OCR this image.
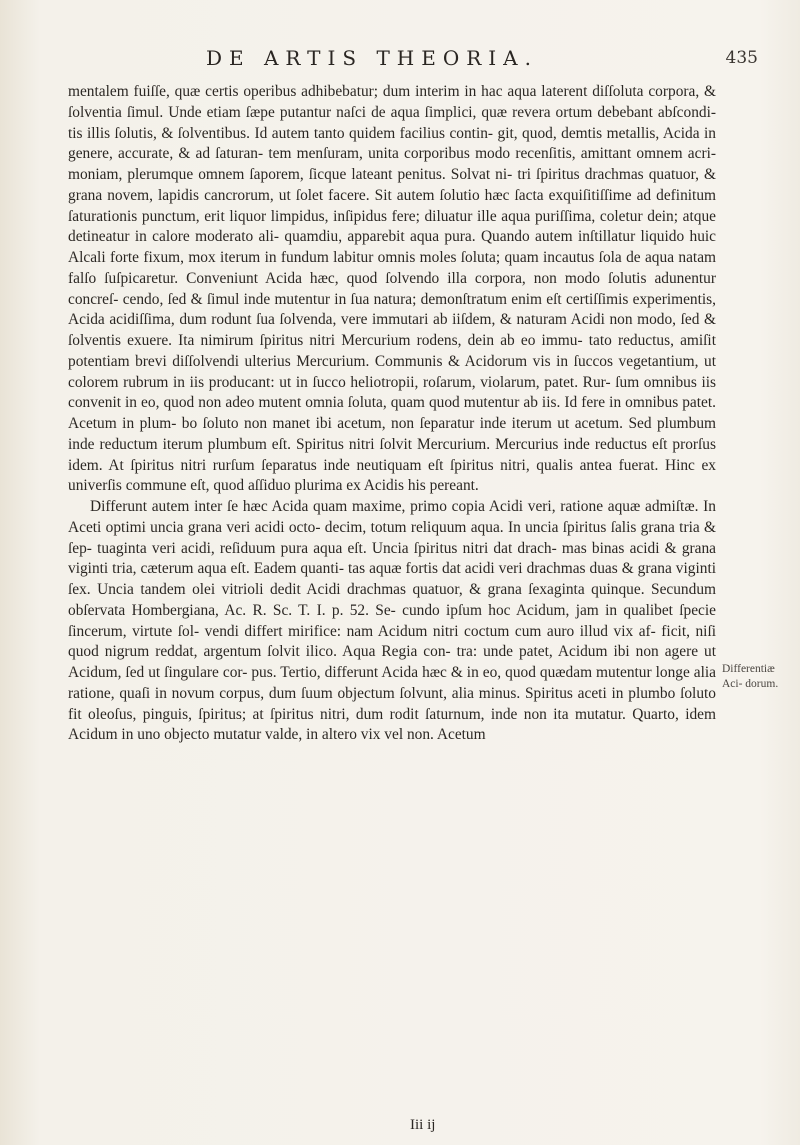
DE ARTIS THEORIA.	435

mentalem fuiſſe, quæ certis operibus adhibebatur; dum interim in hac aqua laterent diſſoluta corpora, & ſolventia ſimul. Unde etiam ſæpe putantur naſci de aqua ſimplici, quæ revera ortum debebant abſcondi- tis illis ſolutis, & ſolventibus. Id autem tanto quidem facilius contin- git, quod, demtis metallis, Acida in genere, accurate, & ad ſaturan- tem menſuram, unita corporibus modo recenſitis, amittant omnem acri- moniam, plerumque omnem ſaporem, ſicque lateant penitus. Solvat ni- tri ſpiritus drachmas quatuor, & grana novem, lapidis cancrorum, ut ſolet facere. Sit autem ſolutio hæc ſacta exquiſitiſſime ad definitum ſaturationis punctum, erit liquor limpidus, inſipidus fere; diluatur ille aqua puriſſima, coletur dein; atque detineatur in calore moderato ali- quamdiu, apparebit aqua pura. Quando autem inſtillatur liquido huic Alcali forte fixum, mox iterum in fundum labitur omnis moles ſoluta; quam incautus ſola de aqua natam falſo ſuſpicaretur. Conveniunt Acida hæc, quod ſolvendo illa corpora, non modo ſolutis adunentur concreſ- cendo, ſed & ſimul inde mutentur in ſua natura; demonſtratum enim eſt certiſſimis experimentis, Acida acidiſſima, dum rodunt ſua ſolvenda, vere immutari ab iiſdem, & naturam Acidi non modo, ſed & ſolventis exuere. Ita nimirum ſpiritus nitri Mercurium rodens, dein ab eo immu- tato reductus, amiſit potentiam brevi diſſolvendi ulterius Mercurium. Communis & Acidorum vis in ſuccos vegetantium, ut colorem rubrum in iis producant: ut in ſucco heliotropii, roſarum, violarum, patet. Rur- ſum omnibus iis convenit in eo, quod non adeo mutent omnia ſoluta, quam quod mutentur ab iis. Id fere in omnibus patet. Acetum in plum- bo ſoluto non manet ibi acetum, non ſeparatur inde iterum ut acetum. Sed plumbum inde reductum iterum plumbum eſt. Spiritus nitri ſolvit Mercurium. Mercurius inde reductus eſt prorſus idem. At ſpiritus nitri rurſum ſeparatus inde neutiquam eſt ſpiritus nitri, qualis antea fuerat. Hinc ex univerſis commune eſt, quod aſſiduo plurima ex Acidis his pereant.

Differunt autem inter ſe hæc Acida quam maxime, primo copia Acidi veri, ratione aquæ admiſtæ. In Aceti optimi uncia grana veri acidi octo- decim, totum reliquum aqua. In uncia ſpiritus ſalis grana tria & ſep- tuaginta veri acidi, reſiduum pura aqua eſt. Uncia ſpiritus nitri dat drach- mas binas acidi & grana viginti tria, cæterum aqua eſt. Eadem quanti- tas aquæ fortis dat acidi veri drachmas duas & grana viginti ſex. Uncia tandem olei vitrioli dedit Acidi drachmas quatuor, & grana ſexaginta quinque. Secundum obſervata Hombergiana, Ac. R. Sc. T. I. p. 52. Se- cundo ipſum hoc Acidum, jam in qualibet ſpecie ſincerum, virtute ſol- vendi differt mirifice: nam Acidum nitri coctum cum auro illud vix af- ficit, niſi quod nigrum reddat, argentum ſolvit ilico. Aqua Regia con- tra: unde patet, Acidum ibi non agere ut Acidum, ſed ut ſingulare cor- pus. Tertio, differunt Acida hæc & in eo, quod quædam mutentur longe alia ratione, quaſi in novum corpus, dum ſuum objectum ſolvunt, alia minus. Spiritus aceti in plumbo ſoluto fit oleoſus, pinguis, ſpiritus; at ſpiritus nitri, dum rodit ſaturnum, inde non ita mutatur. Quarto, idem Acidum in uno objecto mutatur valde, in altero vix vel non. Acetum

Differentiæ Aci- dorum.
Iii ij
